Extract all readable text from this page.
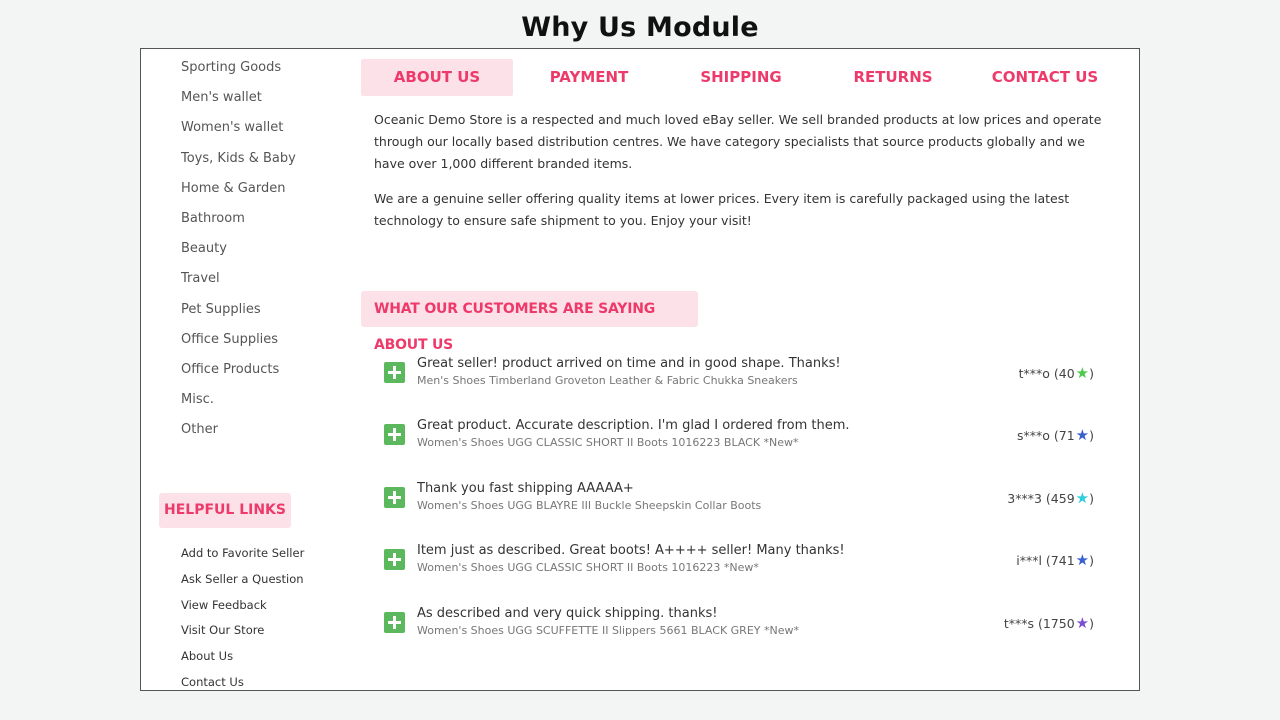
Why Us Module
Sporting Goods
Men's wallet
Women's wallet
Toys, Kids & Baby
Home & Garden
Bathroom
Beauty
Travel
Pet Supplies
Office Supplies
Office Products
Misc.
Other
HELPFUL LINKS
Add to Favorite Seller
Ask Seller a Question
View Feedback
Visit Our Store
About Us
Contact Us
ABOUT US	PAYMENT	SHIPPING	RETURNS	CONTACT US

Oceanic Demo Store is a respected and much loved eBay seller. We sell branded products at low prices and operate through our locally based distribution centres. We have category specialists that source products globally and we have over 1,000 different branded items.

We are a genuine seller offering quality items at lower prices. Every item is carefully packaged using the latest technology to ensure safe shipment to you. Enjoy your visit!

WHAT OUR CUSTOMERS ARE SAYING ABOUT US
Great seller! product arrived on time and in good shape. Thanks!
Men's Shoes Timberland Groveton Leather & Fabric Chukka Sneakers	t***o (40★)
Great product. Accurate description. I'm glad I ordered from them.
Women's Shoes UGG CLASSIC SHORT II Boots 1016223 BLACK *New*	s***o (71★)
Thank you fast shipping AAAAA+
Women's Shoes UGG BLAYRE III Buckle Sheepskin Collar Boots	3***3 (459★)
Item just as described. Great boots! A++++ seller! Many thanks!
Women's Shoes UGG CLASSIC SHORT II Boots 1016223 *New*	i***l (741★)
As described and very quick shipping. thanks!
Women's Shoes UGG SCUFFETTE II Slippers 5661 BLACK GREY *New*	t***s (1750★)
